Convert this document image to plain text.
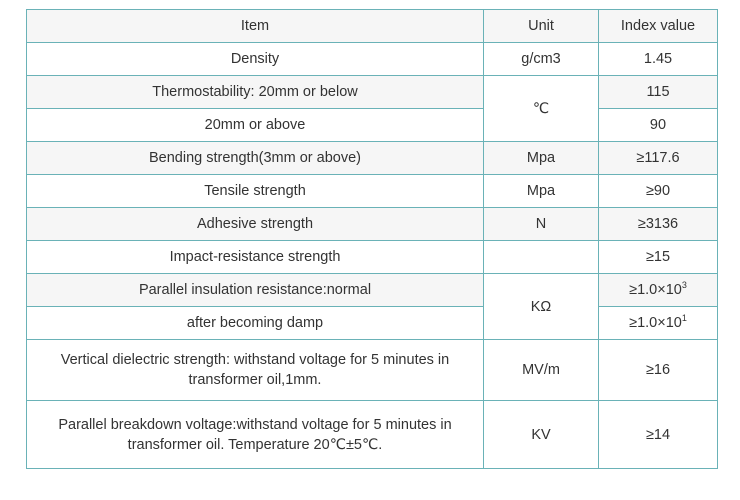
Item	Unit	Index value
Density	g/cm3	1.45
Thermostability: 20mm or below	℃	115
20mm or above		90
Bending strength(3mm or above)	Mpa	≥117.6
Tensile strength	Mpa	≥90
Adhesive strength	N	≥3136
Impact-resistance strength		≥15
Parallel insulation resistance:normal	KΩ	$\ge 1.0\times 10^3$
after becoming damp		$\ge 1.0\times 10^1$
Vertical dielectric strength: withstand voltage for 5 minutes in
transformer oil,1mm.	MV/m	≥16
Parallel breakdown voltage:withstand voltage for 5 minutes in
transformer oil. Temperature 20℃±5℃.	KV	≥14
